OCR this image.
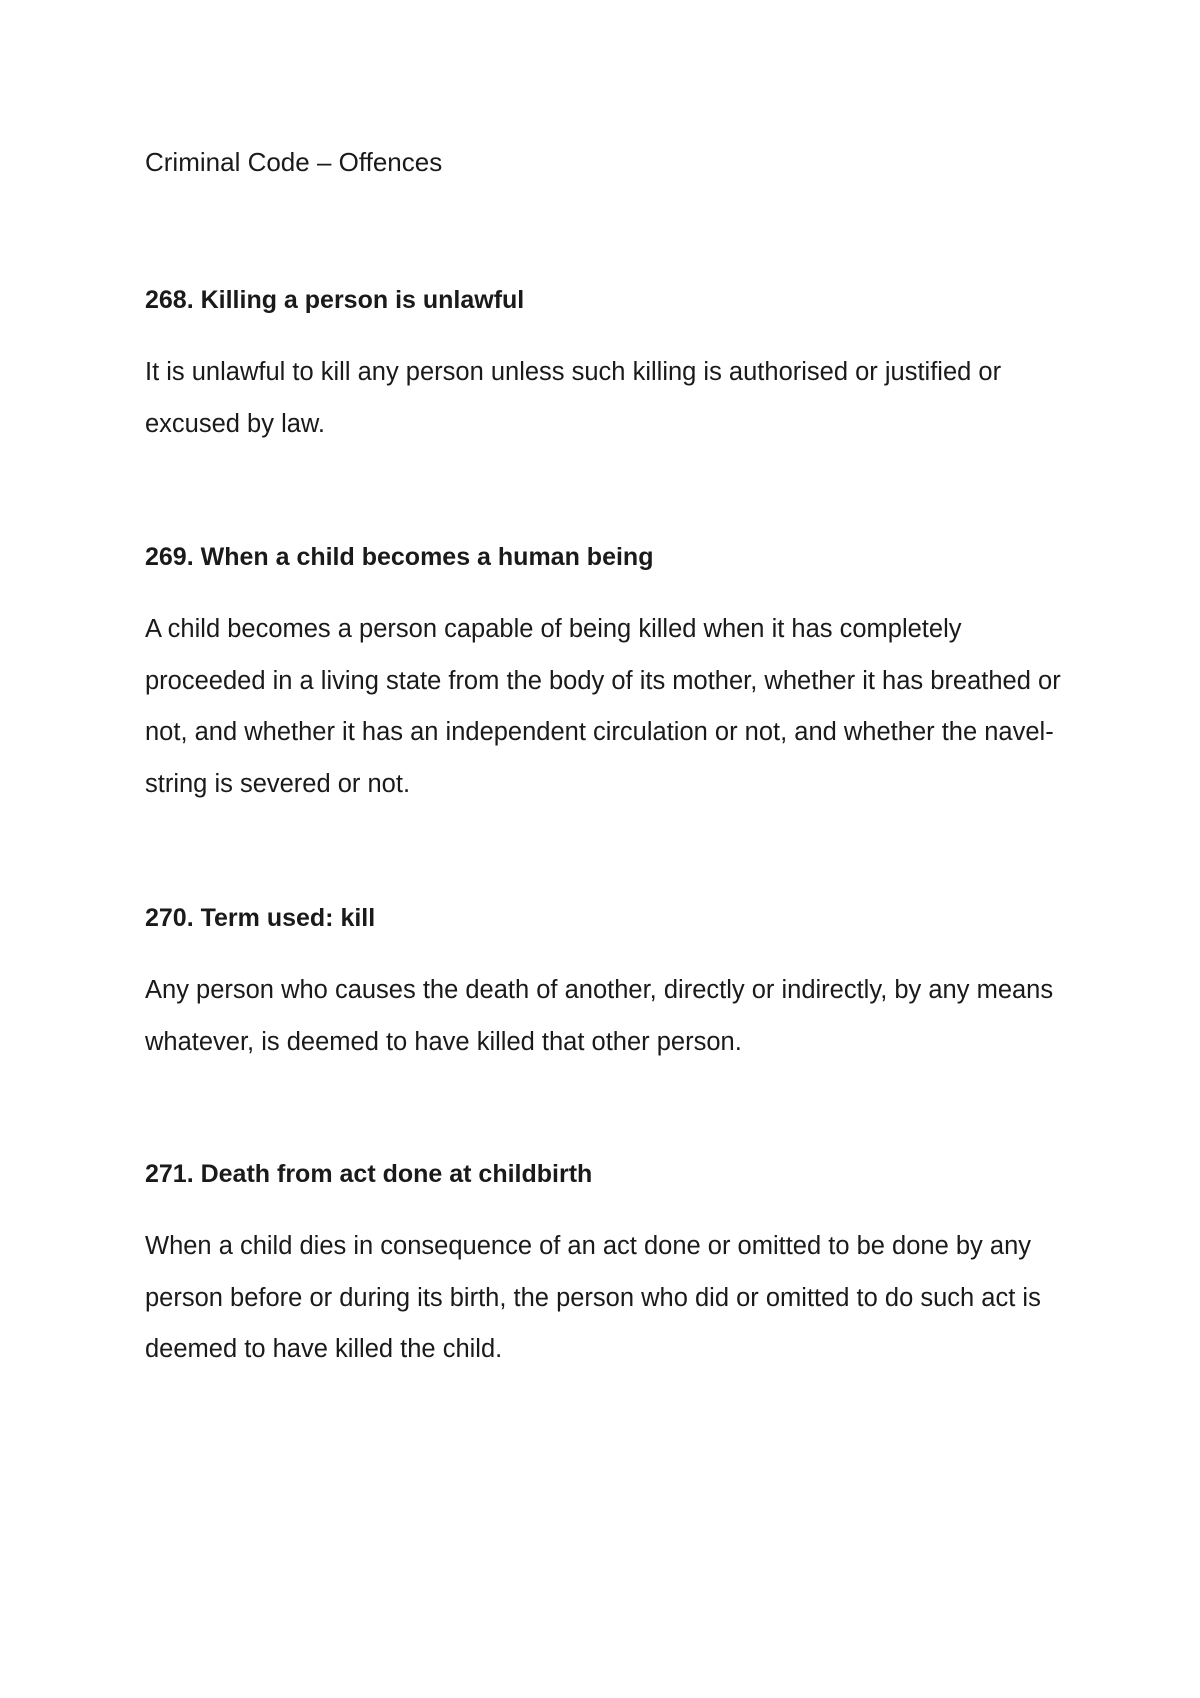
Criminal Code – Offences
268. Killing a person is unlawful

It is unlawful to kill any person unless such killing is authorised or justified or excused by law.

269. When a child becomes a human being

A child becomes a person capable of being killed when it has completely proceeded in a living state from the body of its mother, whether it has breathed or not, and whether it has an independent circulation or not, and whether the navel-string is severed or not.

270. Term used: kill

Any person who causes the death of another, directly or indirectly, by any means whatever, is deemed to have killed that other person.

271. Death from act done at childbirth

When a child dies in consequence of an act done or omitted to be done by any person before or during its birth, the person who did or omitted to do such act is deemed to have killed the child.
